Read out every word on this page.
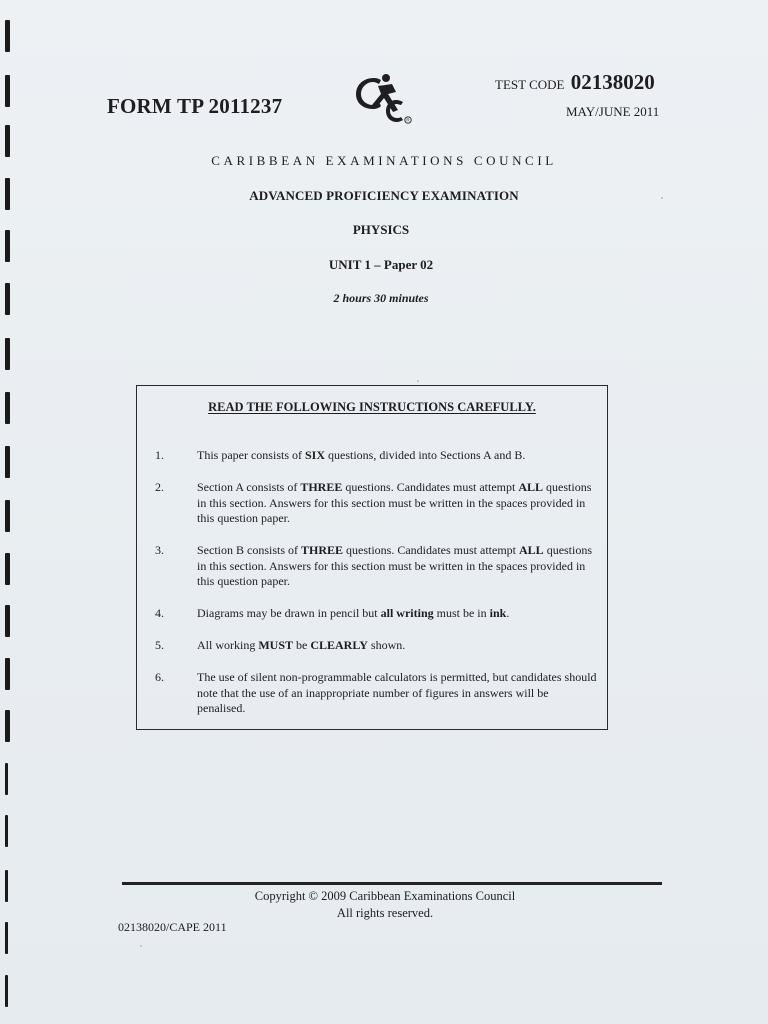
FORM TP 2011237
R
TEST CODE 02138020
MAY/JUNE 2011
CARIBBEAN EXAMINATIONS COUNCIL
ADVANCED PROFICIENCY EXAMINATION
PHYSICS
UNIT 1 – Paper 02
2 hours 30 minutes
READ THE FOLLOWING INSTRUCTIONS CAREFULLY.
1.	This paper consists of SIX questions, divided into Sections A and B.
2.	Section A consists of THREE questions. Candidates must attempt ALL questions in this section. Answers for this section must be written in the spaces provided in this question paper.
3.	Section B consists of THREE questions. Candidates must attempt ALL questions in this section. Answers for this section must be written in the spaces provided in this question paper.
4.	Diagrams may be drawn in pencil but all writing must be in ink.
5.	All working MUST be CLEARLY shown.
6.	The use of silent non-programmable calculators is permitted, but candidates should note that the use of an inappropriate number of figures in answers will be penalised.
Copyright © 2009 Caribbean Examinations Council
All rights reserved.
02138020/CAPE 2011
